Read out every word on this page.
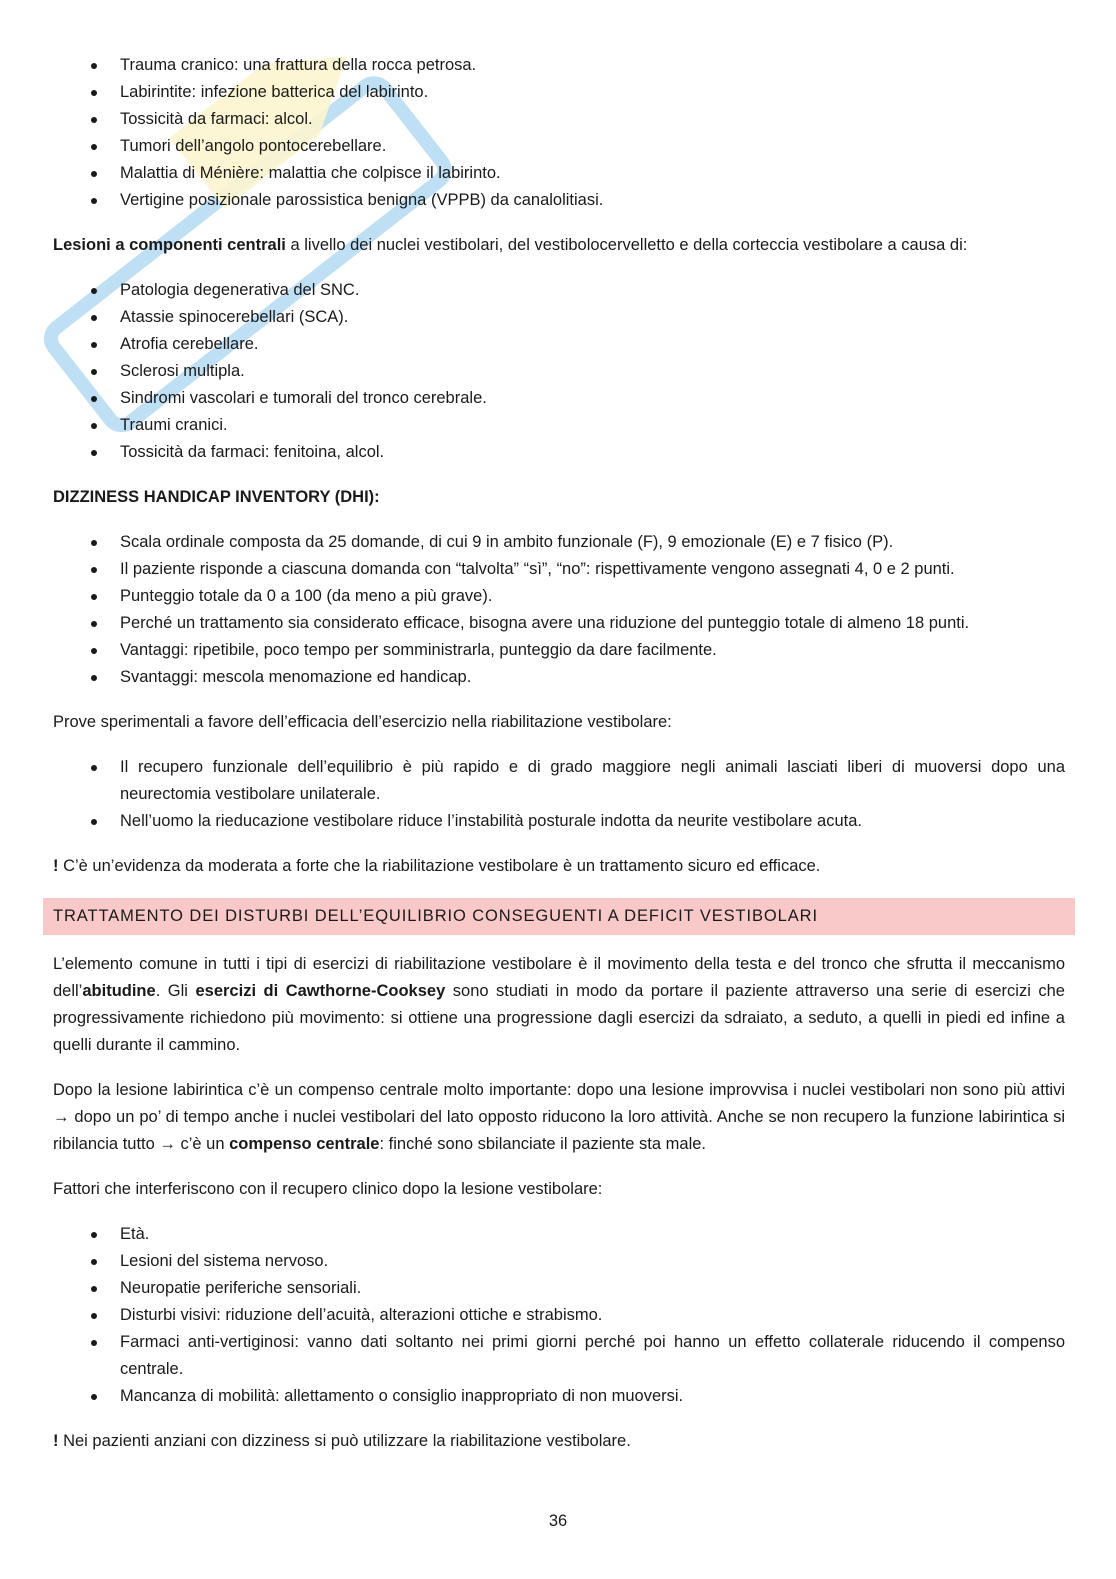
Trauma cranico: una frattura della rocca petrosa.
Labirintite: infezione batterica del labirinto.
Tossicità da farmaci: alcol.
Tumori dell’angolo pontocerebellare.
Malattia di Ménière: malattia che colpisce il labirinto.
Vertigine posizionale parossistica benigna (VPPB) da canalolitiasi.

Lesioni a componenti centrali a livello dei nuclei vestibolari, del vestibolocervelletto e della corteccia vestibolare a causa di:

Patologia degenerativa del SNC.
Atassie spinocerebellari (SCA).
Atrofia cerebellare.
Sclerosi multipla.
Sindromi vascolari e tumorali del tronco cerebrale.
Traumi cranici.
Tossicità da farmaci: fenitoina, alcol.

DIZZINESS HANDICAP INVENTORY (DHI):

Scala ordinale composta da 25 domande, di cui 9 in ambito funzionale (F), 9 emozionale (E) e 7 fisico (P).
Il paziente risponde a ciascuna domanda con “talvolta” “sì”, “no”: rispettivamente vengono assegnati 4, 0 e 2 punti.
Punteggio totale da 0 a 100 (da meno a più grave).
Perché un trattamento sia considerato efficace, bisogna avere una riduzione del punteggio totale di almeno 18 punti.
Vantaggi: ripetibile, poco tempo per somministrarla, punteggio da dare facilmente.
Svantaggi: mescola menomazione ed handicap.

Prove sperimentali a favore dell’efficacia dell’esercizio nella riabilitazione vestibolare:

Il recupero funzionale dell’equilibrio è più rapido e di grado maggiore negli animali lasciati liberi di muoversi dopo una neurectomia vestibolare unilaterale.
Nell’uomo la rieducazione vestibolare riduce l’instabilità posturale indotta da neurite vestibolare acuta.

! C’è un’evidenza da moderata a forte che la riabilitazione vestibolare è un trattamento sicuro ed efficace.

TRATTAMENTO DEI DISTURBI DELL’EQUILIBRIO CONSEGUENTI A DEFICIT VESTIBOLARI

L’elemento comune in tutti i tipi di esercizi di riabilitazione vestibolare è il movimento della testa e del tronco che sfrutta il meccanismo dell’abitudine. Gli esercizi di Cawthorne-Cooksey sono studiati in modo da portare il paziente attraverso una serie di esercizi che progressivamente richiedono più movimento: si ottiene una progressione dagli esercizi da sdraiato, a seduto, a quelli in piedi ed infine a quelli durante il cammino.

Dopo la lesione labirintica c’è un compenso centrale molto importante: dopo una lesione improvvisa i nuclei vestibolari non sono più attivi → dopo un po’ di tempo anche i nuclei vestibolari del lato opposto riducono la loro attività. Anche se non recupero la funzione labirintica si ribilancia tutto → c’è un compenso centrale: finché sono sbilanciate il paziente sta male.

Fattori che interferiscono con il recupero clinico dopo la lesione vestibolare:

Età.
Lesioni del sistema nervoso.
Neuropatie periferiche sensoriali.
Disturbi visivi: riduzione dell’acuità, alterazioni ottiche e strabismo.
Farmaci anti-vertiginosi: vanno dati soltanto nei primi giorni perché poi hanno un effetto collaterale riducendo il compenso centrale.
Mancanza di mobilità: allettamento o consiglio inappropriato di non muoversi.

! Nei pazienti anziani con dizziness si può utilizzare la riabilitazione vestibolare.

36
